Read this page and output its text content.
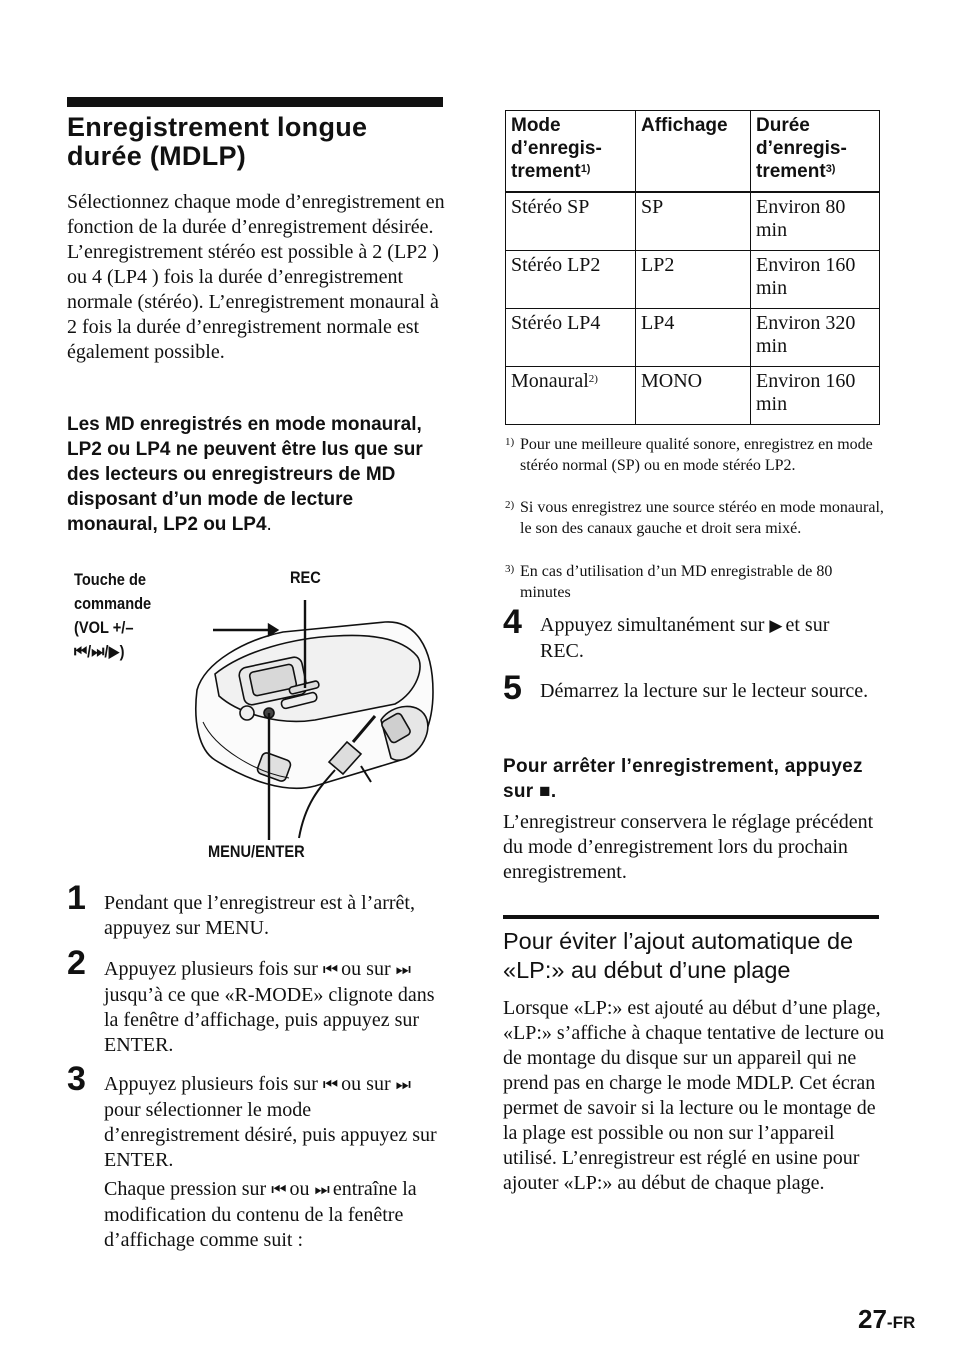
Enregistrement longue durée (MDLP)
Sélectionnez chaque mode d’enregistrement en fonction de la durée d’enregistrement désirée. L’enregistrement stéréo est possible à 2 (LP2 ) ou 4 (LP4 ) fois la durée d’enregistrement normale (stéréo). L’enregistrement monaural à 2 fois la durée d’enregistrement normale est également possible.
Les MD enregistrés en mode monaural, LP2 ou LP4 ne peuvent être lus que sur des lecteurs ou enregistreurs de MD disposant d’un mode de lecture monaural, LP2 ou LP4.
Touche de
commande
(VOL +/–
⏮/⏭/▶)
REC
MENU/ENTER
1 Pendant que l’enregistreur est à l’arrêt, appuyez sur MENU.
2 Appuyez plusieurs fois sur ⏮ ou sur ⏭ jusqu’à ce que «R-MODE» clignote dans la fenêtre d’affichage, puis appuyez sur ENTER.
3 Appuyez plusieurs fois sur ⏮ ou sur ⏭ pour sélectionner le mode d’enregistrement désiré, puis appuyez sur ENTER.
Chaque pression sur ⏮ ou ⏭ entraîne la modification du contenu de la fenêtre d’affichage comme suit :
Mode d’enregis-trement$^{1)}$	Affichage	Durée d’enregis-trement$^{3)}$
Stéréo SP	SP	Environ 80 min
Stéréo LP2	LP2	Environ 160 min
Stéréo LP4	LP4	Environ 320 min
Monaural$^{2)}$	MONO	Environ 160 min
1) Pour une meilleure qualité sonore, enregistrez en mode stéréo normal (SP) ou en mode stéréo LP2.
2) Si vous enregistrez une source stéréo en mode monaural, le son des canaux gauche et droit sera mixé.
3) En cas d’utilisation d’un MD enregistrable de 80 minutes
4 Appuyez simultanément sur ▶ et sur REC.
5 Démarrez la lecture sur le lecteur source.
Pour arrêter l’enregistrement, appuyez sur ■.
L’enregistreur conservera le réglage précédent du mode d’enregistrement lors du prochain enregistrement.
Pour éviter l’ajout automatique de «LP:» au début d’une plage
Lorsque «LP:» est ajouté au début d’une plage, «LP:» s’affiche à chaque tentative de lecture ou de montage du disque sur un appareil qui ne prend pas en charge le mode MDLP. Cet écran permet de savoir si la lecture ou le montage de la plage est possible ou non sur l’appareil utilisé. L’enregistreur est réglé en usine pour ajouter «LP:» au début de chaque plage.
27-FR
